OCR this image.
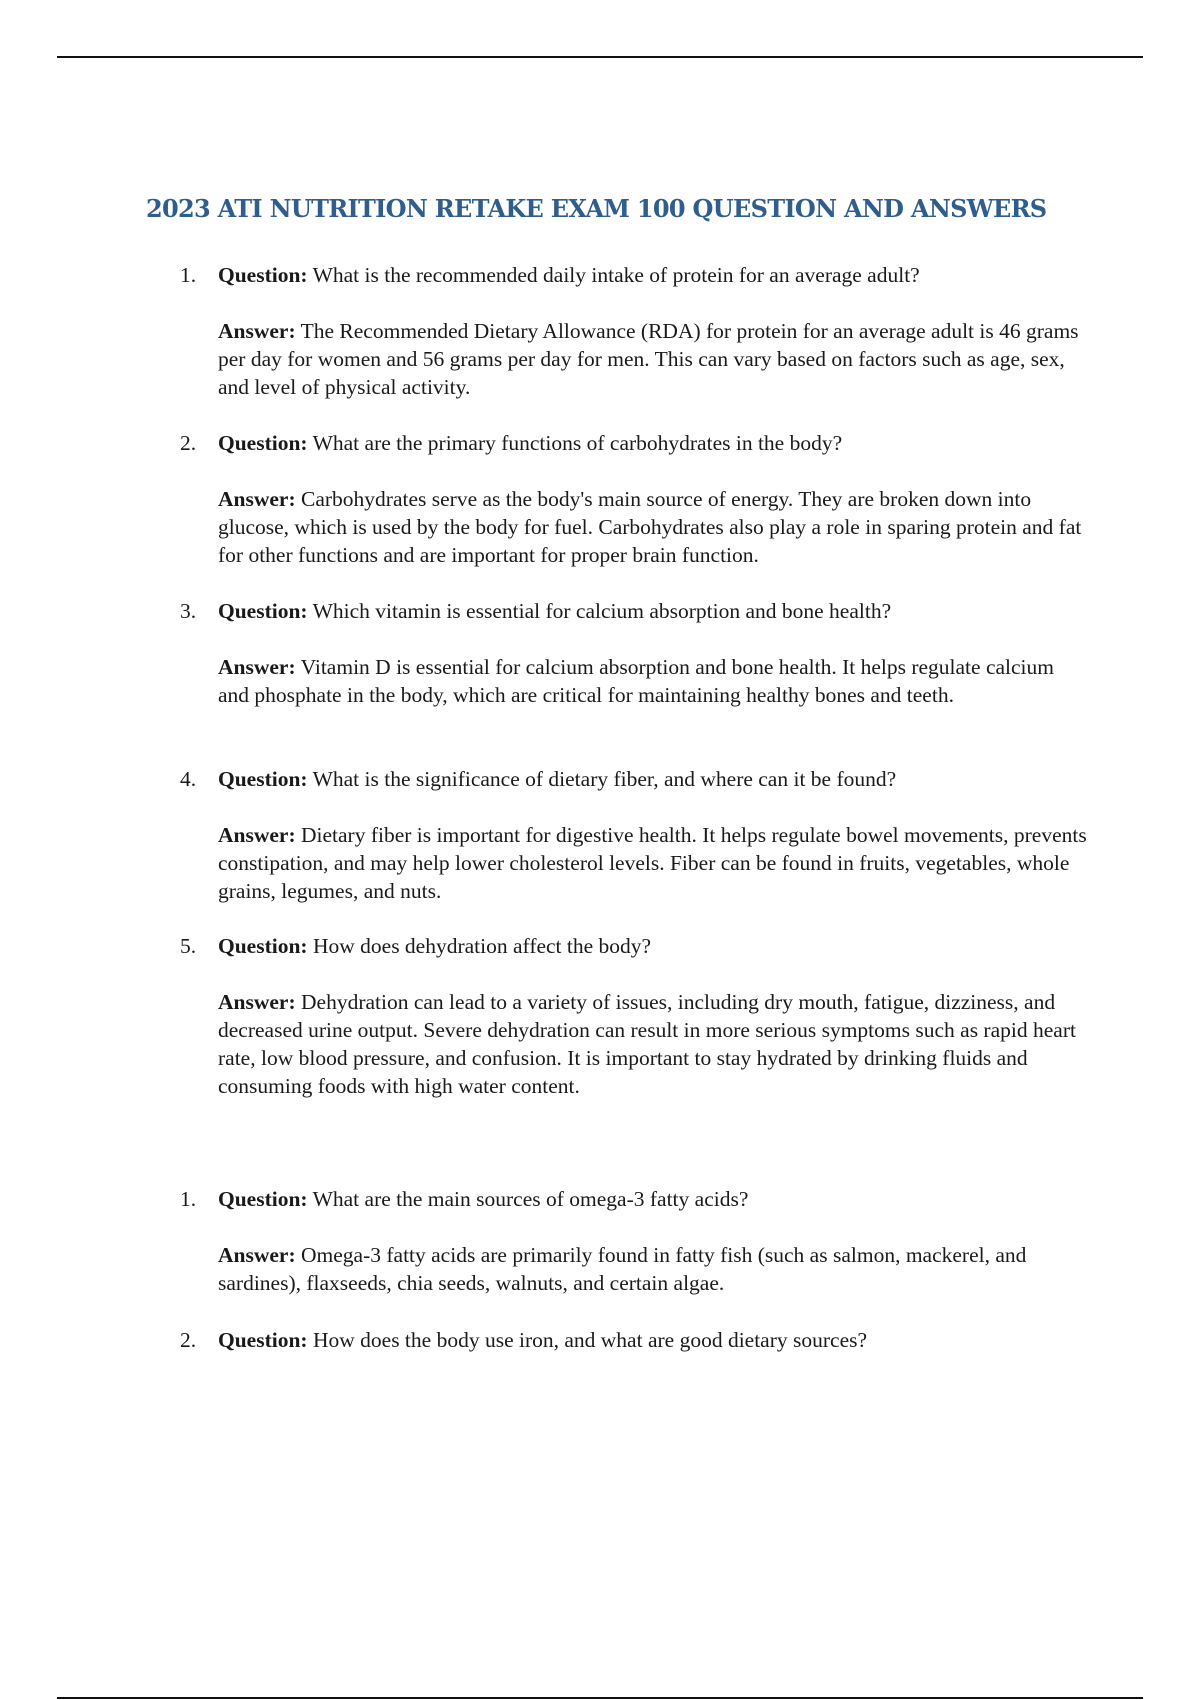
2023 ATI NUTRITION RETAKE EXAM 100 QUESTION AND ANSWERS
1.	Question: What is the recommended daily intake of protein for an average adult?
Answer: The Recommended Dietary Allowance (RDA) for protein for an average adult is 46 grams per day for women and 56 grams per day for men. This can vary based on factors such as age, sex, and level of physical activity.
2.	Question: What are the primary functions of carbohydrates in the body?
Answer: Carbohydrates serve as the body's main source of energy. They are broken down into glucose, which is used by the body for fuel. Carbohydrates also play a role in sparing protein and fat for other functions and are important for proper brain function.
3.	Question: Which vitamin is essential for calcium absorption and bone health?
Answer: Vitamin D is essential for calcium absorption and bone health. It helps regulate calcium and phosphate in the body, which are critical for maintaining healthy bones and teeth.
4.	Question: What is the significance of dietary fiber, and where can it be found?
Answer: Dietary fiber is important for digestive health. It helps regulate bowel movements, prevents constipation, and may help lower cholesterol levels. Fiber can be found in fruits, vegetables, whole grains, legumes, and nuts.
5.	Question: How does dehydration affect the body?
Answer: Dehydration can lead to a variety of issues, including dry mouth, fatigue, dizziness, and decreased urine output. Severe dehydration can result in more serious symptoms such as rapid heart rate, low blood pressure, and confusion. It is important to stay hydrated by drinking fluids and consuming foods with high water content.
1.	Question: What are the main sources of omega-3 fatty acids?
Answer: Omega-3 fatty acids are primarily found in fatty fish (such as salmon, mackerel, and sardines), flaxseeds, chia seeds, walnuts, and certain algae.
2.	Question: How does the body use iron, and what are good dietary sources?
